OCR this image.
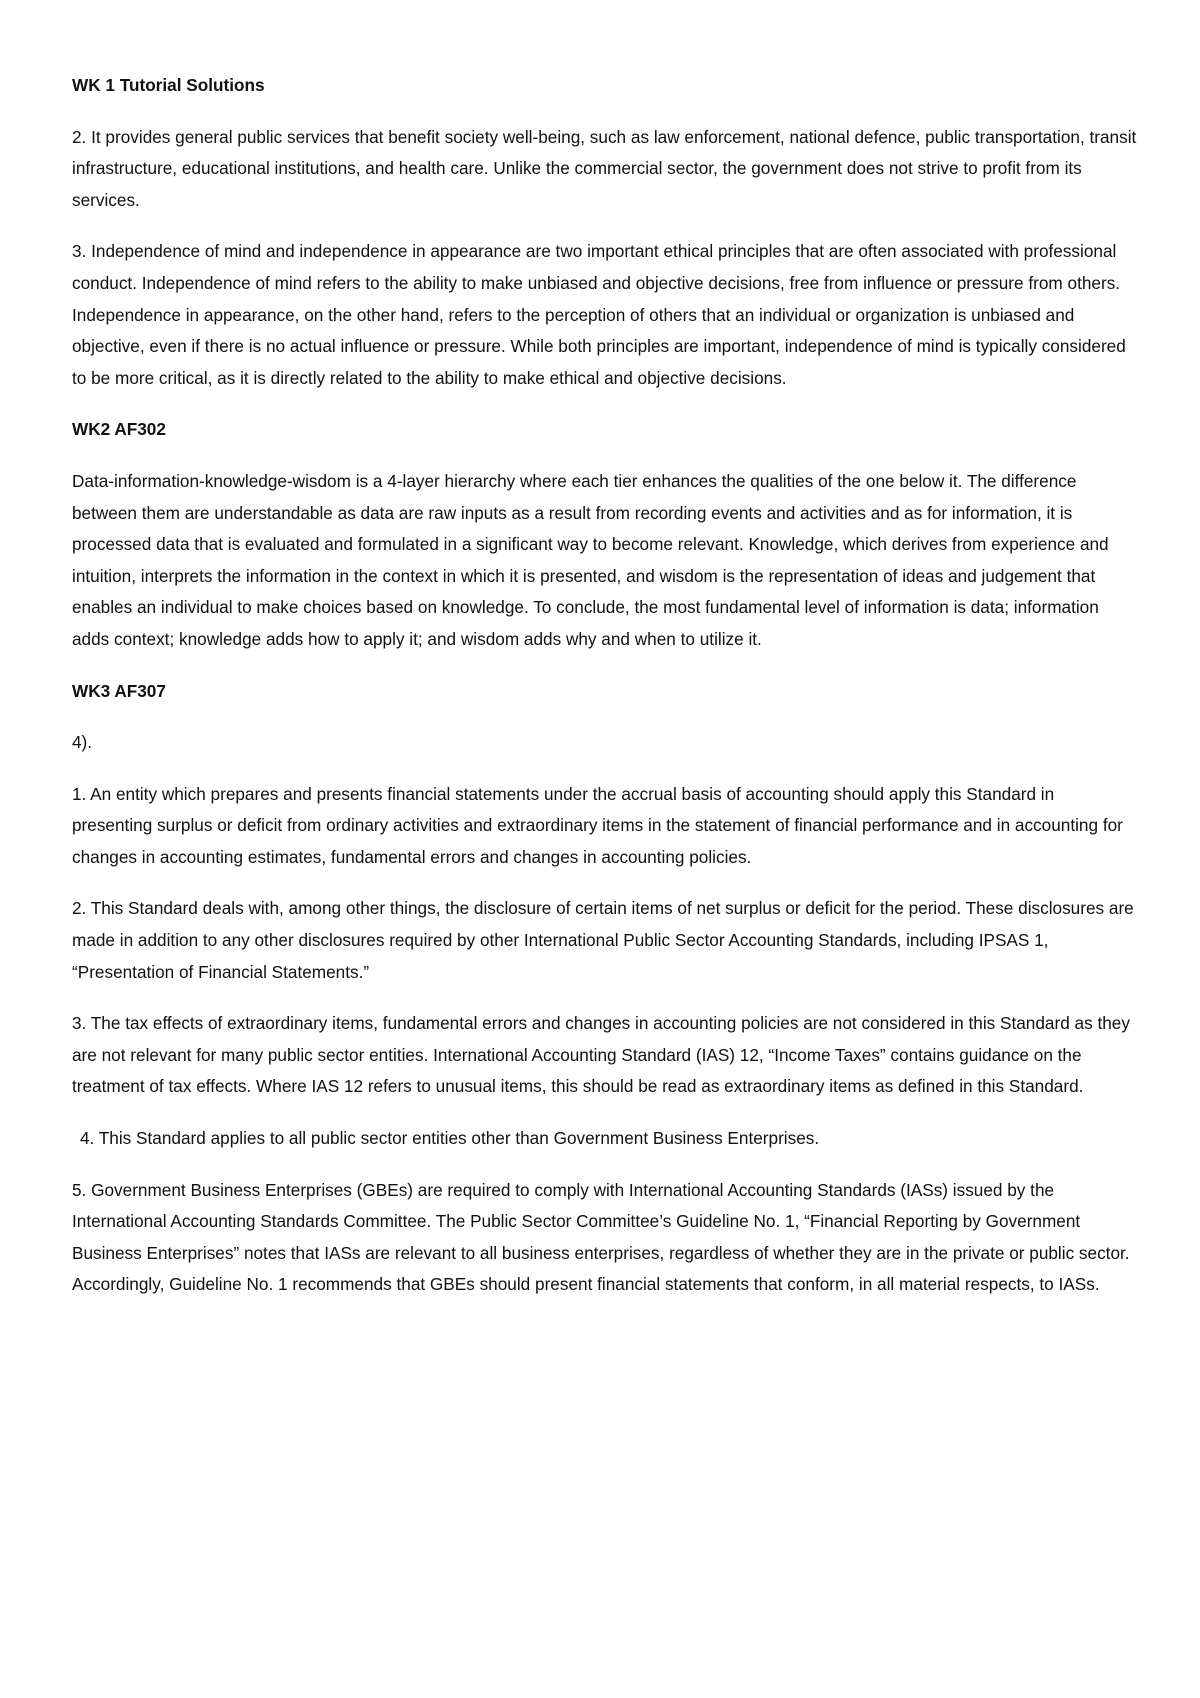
WK 1 Tutorial Solutions

2. It provides general public services that benefit society well-being, such as law enforcement, national defence, public transportation, transit infrastructure, educational institutions, and health care. Unlike the commercial sector, the government does not strive to profit from its services.

3. Independence of mind and independence in appearance are two important ethical principles that are often associated with professional conduct. Independence of mind refers to the ability to make unbiased and objective decisions, free from influence or pressure from others. Independence in appearance, on the other hand, refers to the perception of others that an individual or organization is unbiased and objective, even if there is no actual influence or pressure. While both principles are important, independence of mind is typically considered to be more critical, as it is directly related to the ability to make ethical and objective decisions.

WK2 AF302

Data-information-knowledge-wisdom is a 4-layer hierarchy where each tier enhances the qualities of the one below it. The difference between them are understandable as data are raw inputs as a result from recording events and activities and as for information, it is processed data that is evaluated and formulated in a significant way to become relevant. Knowledge, which derives from experience and intuition, interprets the information in the context in which it is presented, and wisdom is the representation of ideas and judgement that enables an individual to make choices based on knowledge. To conclude, the most fundamental level of information is data; information adds context; knowledge adds how to apply it; and wisdom adds why and when to utilize it.

WK3 AF307

4).

1. An entity which prepares and presents financial statements under the accrual basis of accounting should apply this Standard in presenting surplus or deficit from ordinary activities and extraordinary items in the statement of financial performance and in accounting for changes in accounting estimates, fundamental errors and changes in accounting policies.

2. This Standard deals with, among other things, the disclosure of certain items of net surplus or deficit for the period. These disclosures are made in addition to any other disclosures required by other International Public Sector Accounting Standards, including IPSAS 1, “Presentation of Financial Statements.”

3. The tax effects of extraordinary items, fundamental errors and changes in accounting policies are not considered in this Standard as they are not relevant for many public sector entities. International Accounting Standard (IAS) 12, “Income Taxes” contains guidance on the treatment of tax effects. Where IAS 12 refers to unusual items, this should be read as extraordinary items as defined in this Standard.

4. This Standard applies to all public sector entities other than Government Business Enterprises.

5. Government Business Enterprises (GBEs) are required to comply with International Accounting Standards (IASs) issued by the International Accounting Standards Committee. The Public Sector Committee’s Guideline No. 1, “Financial Reporting by Government Business Enterprises” notes that IASs are relevant to all business enterprises, regardless of whether they are in the private or public sector. Accordingly, Guideline No. 1 recommends that GBEs should present financial statements that conform, in all material respects, to IASs.
